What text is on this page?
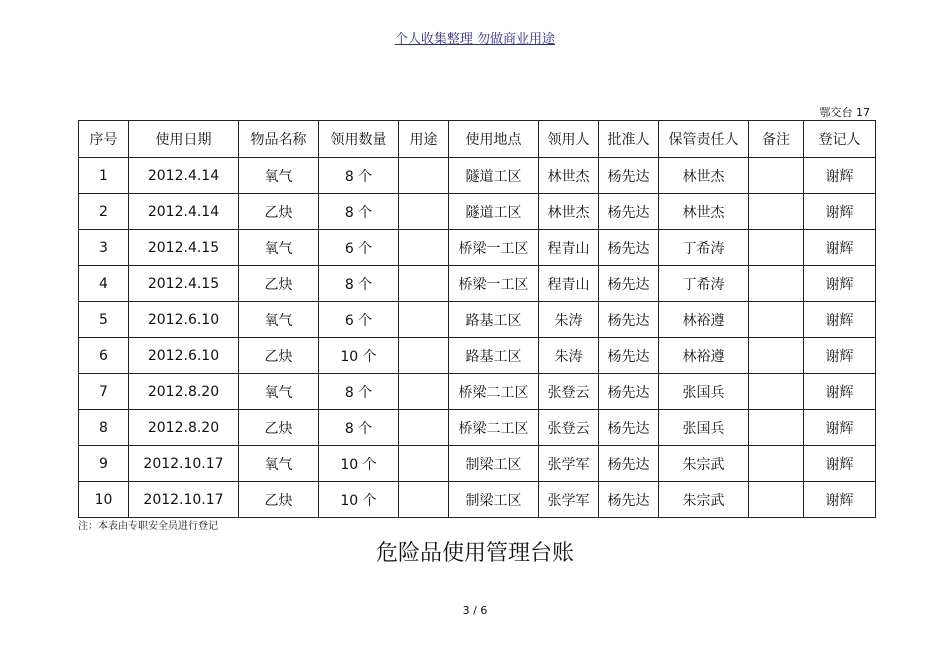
个人收集整理 勿做商业用途
鄂交台 17
序号	使用日期	物品名称	领用数量	用途	使用地点	领用人	批准人	保管责任人	备注	登记人
1	2012.4.14	氧气	8 个		隧道工区	林世杰	杨先达	林世杰		谢辉
2	2012.4.14	乙炔	8 个		隧道工区	林世杰	杨先达	林世杰		谢辉
3	2012.4.15	氧气	6 个		桥梁一工区	程青山	杨先达	丁希涛		谢辉
4	2012.4.15	乙炔	8 个		桥梁一工区	程青山	杨先达	丁希涛		谢辉
5	2012.6.10	氧气	6 个		路基工区	朱涛	杨先达	林裕遵		谢辉
6	2012.6.10	乙炔	10 个		路基工区	朱涛	杨先达	林裕遵		谢辉
7	2012.8.20	氧气	8 个		桥梁二工区	张登云	杨先达	张国兵		谢辉
8	2012.8.20	乙炔	8 个		桥梁二工区	张登云	杨先达	张国兵		谢辉
9	2012.10.17	氧气	10 个		制梁工区	张学军	杨先达	朱宗武		谢辉
10	2012.10.17	乙炔	10 个		制梁工区	张学军	杨先达	朱宗武		谢辉
注：本表由专职安全员进行登记
危险品使用管理台账
3 / 6
